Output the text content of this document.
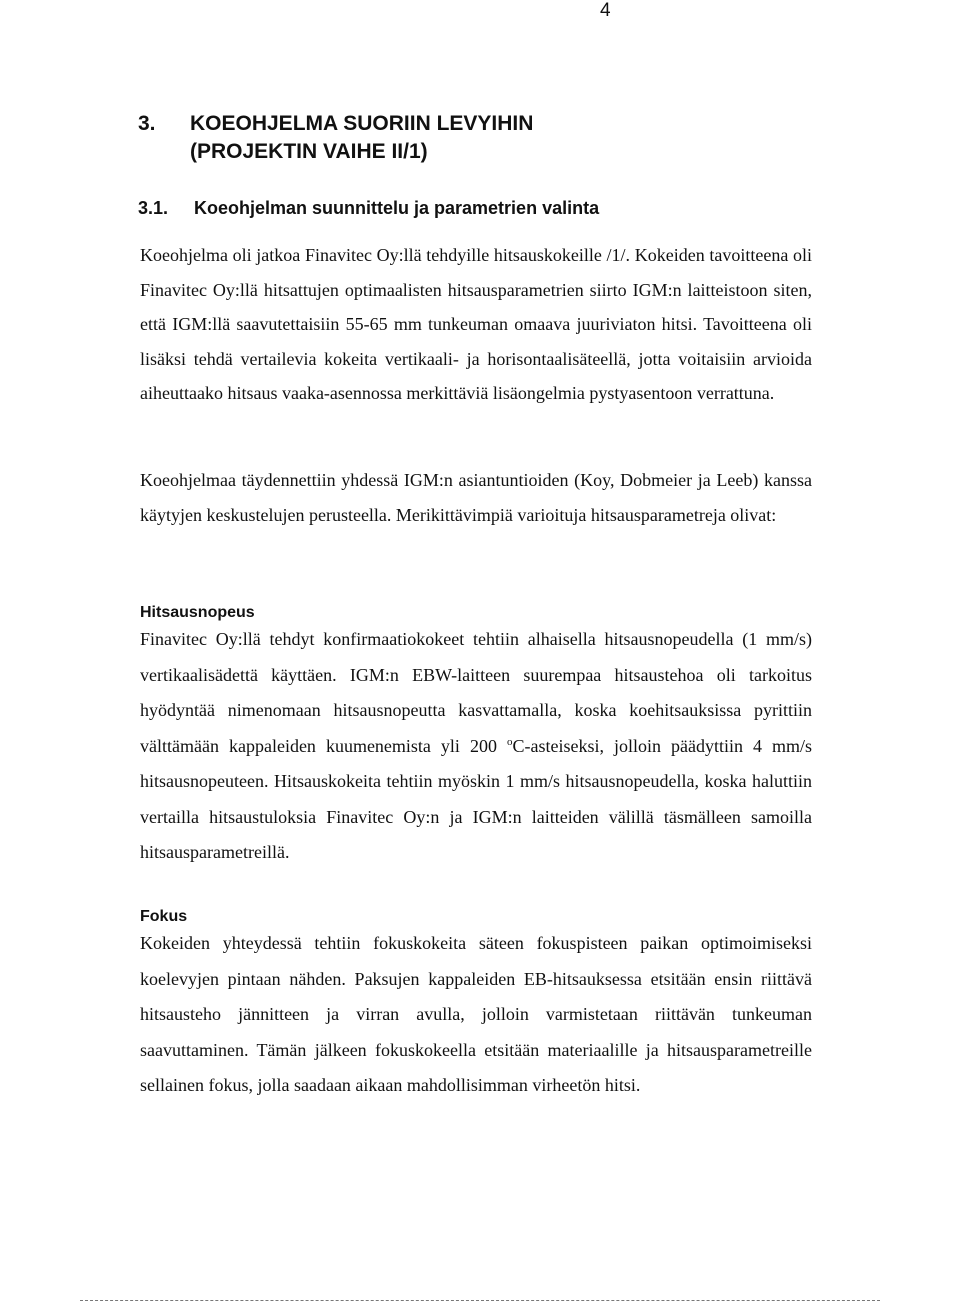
4
3. KOEOHJELMA SUORIIN LEVYIHIN
(PROJEKTIN VAIHE II/1)
3.1. Koeohjelman suunnittelu ja parametrien valinta

Koeohjelma oli jatkoa Finavitec Oy:llä tehdyille hitsauskokeille /1/. Kokeiden tavoitteena oli Finavitec Oy:llä hitsattujen optimaalisten hitsausparametrien siirto IGM:n laitteistoon siten, että IGM:llä saavutettaisiin 55-65 mm tunkeuman omaava juuriviaton hitsi. Tavoitteena oli lisäksi tehdä vertailevia kokeita vertikaali- ja horisontaalisäteellä, jotta voitaisiin arvioida aiheuttaako hitsaus vaaka-asennossa merkittäviä lisäongelmia pystyasentoon verrattuna.

Koeohjelmaa täydennettiin yhdessä IGM:n asiantuntioiden (Koy, Dobmeier ja Leeb) kanssa käytyjen keskustelujen perusteella. Merikittävimpiä varioituja hitsausparametreja olivat:

Hitsausnopeus

Finavitec Oy:llä tehdyt konfirmaatiokokeet tehtiin alhaisella hitsausnopeudella (1 mm/s) vertikaalisädettä käyttäen. IGM:n EBW-laitteen suurempaa hitsaustehoa oli tarkoitus hyödyntää nimenomaan hitsausnopeutta kasvattamalla, koska koehitsauksissa pyrittiin välttämään kappaleiden kuumenemista yli 200 $^o$C-asteiseksi, jolloin päädyttiin 4 mm/s hitsausnopeuteen. Hitsauskokeita tehtiin myöskin 1 mm/s hitsausnopeudella, koska haluttiin vertailla hitsaustuloksia Finavitec Oy:n ja IGM:n laitteiden välillä täsmälleen samoilla hitsausparametreillä.

Fokus

Kokeiden yhteydessä tehtiin fokuskokeita säteen fokuspisteen paikan optimoimiseksi koelevyjen pintaan nähden. Paksujen kappaleiden EB-hitsauksessa etsitään ensin riittävä hitsausteho jännitteen ja virran avulla, jolloin varmistetaan riittävän tunkeuman saavuttaminen. Tämän jälkeen fokuskokeella etsitään materiaalille ja hitsausparametreille sellainen fokus, jolla saadaan aikaan mahdollisimman virheetön hitsi.
